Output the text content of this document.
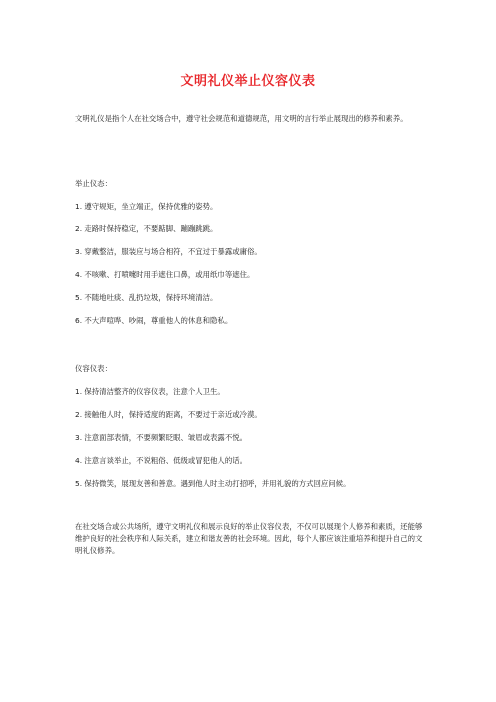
文明礼仪举止仪容仪表

文明礼仪是指个人在社交场合中，遵守社会规范和道德规范，用文明的言行举止展现出的修养和素养。

举止仪态：

1. 遵守规矩，坐立端正，保持优雅的姿势。

2. 走路时保持稳定，不要踮脚、蹦蹦跳跳。

3. 穿戴整洁，服装应与场合相符，不宜过于暴露或庸俗。

4. 不咳嗽、打喷嚏时用手遮住口鼻，或用纸巾等遮住。

5. 不随地吐痰、乱扔垃圾，保持环境清洁。

6. 不大声喧哗、吵闹，尊重他人的休息和隐私。

仪容仪表：

1. 保持清洁整齐的仪容仪表，注意个人卫生。

2. 接触他人时，保持适度的距离，不要过于亲近或冷漠。

3. 注意面部表情，不要频繁眨眼、皱眉或表露不悦。

4. 注意言谈举止，不说粗俗、低级或冒犯他人的话。

5. 保持微笑，展现友善和善意。遇到他人时主动打招呼，并用礼貌的方式回应问候。

在社交场合或公共场所，遵守文明礼仪和展示良好的举止仪容仪表，不仅可以展现个人修养和素质，还能够维护良好的社会秩序和人际关系，建立和谐友善的社会环境。因此，每个人都应该注重培养和提升自己的文明礼仪修养。
